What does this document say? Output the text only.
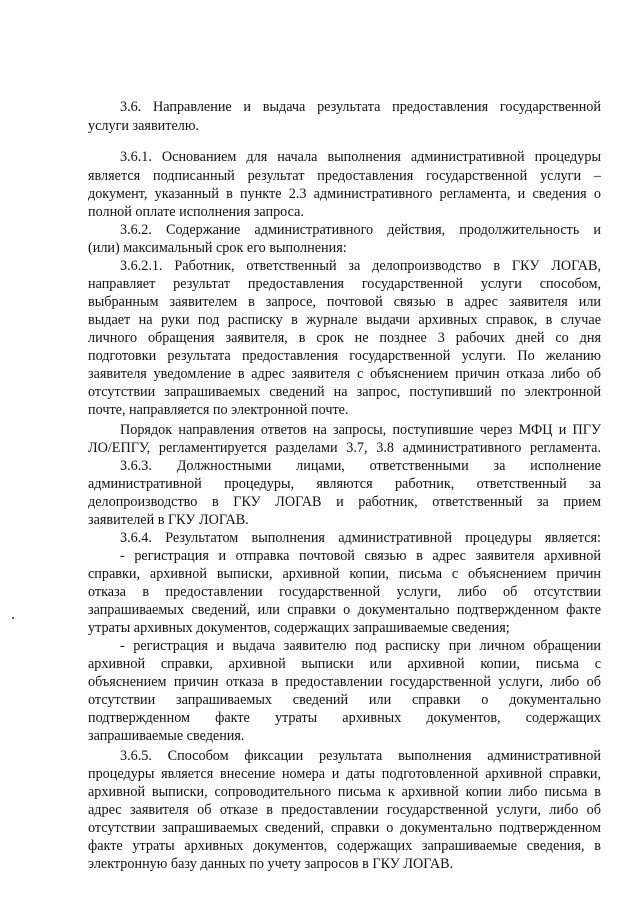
3.6. Направление и выдача результата предоставления государственной
услуги заявителю.
3.6.1. Основанием для начала выполнения административной процедуры
является подписанный результат предоставления государственной услуги –
документ, указанный в пункте 2.3 административного регламента, и сведения о
полной оплате исполнения запроса.
3.6.2. Содержание административного действия, продолжительность и
(или) максимальный срок его выполнения:
3.6.2.1. Работник, ответственный за делопроизводство в ГКУ ЛОГАВ,
направляет результат предоставления государственной услуги способом,
выбранным заявителем в запросе, почтовой связью в адрес заявителя или
выдает на руки под расписку в журнале выдачи архивных справок, в случае
личного обращения заявителя, в срок не позднее 3 рабочих дней со дня
подготовки результата предоставления государственной услуги. По желанию
заявителя уведомление в адрес заявителя с объяснением причин отказа либо об
отсутствии запрашиваемых сведений на запрос, поступивший по электронной
почте, направляется по электронной почте.
Порядок направления ответов на запросы, поступившие через МФЦ и ПГУ
ЛО/ЕПГУ, регламентируется разделами 3.7, 3.8 административного регламента.
3.6.3. Должностными лицами, ответственными за исполнение
административной процедуры, являются работник, ответственный за
делопроизводство в ГКУ ЛОГАВ и работник, ответственный за прием
заявителей в ГКУ ЛОГАВ.
3.6.4. Результатом выполнения административной процедуры является:
- регистрация и отправка почтовой связью в адрес заявителя архивной
справки, архивной выписки, архивной копии, письма с объяснением причин
отказа в предоставлении государственной услуги, либо об отсутствии
запрашиваемых сведений, или справки о документально подтвержденном факте
утраты архивных документов, содержащих запрашиваемые сведения;
- регистрация и выдача заявителю под расписку при личном обращении
архивной справки, архивной выписки или архивной копии, письма с
объяснением причин отказа в предоставлении государственной услуги, либо об
отсутствии запрашиваемых сведений или справки о документально
подтвержденном факте утраты архивных документов, содержащих
запрашиваемые сведения.
3.6.5. Способом фиксации результата выполнения административной
процедуры является внесение номера и даты подготовленной архивной справки,
архивной выписки, сопроводительного письма к архивной копии либо письма в
адрес заявителя об отказе в предоставлении государственной услуги, либо об
отсутствии запрашиваемых сведений, справки о документально подтвержденном
факте утраты архивных документов, содержащих запрашиваемые сведения, в
электронную базу данных по учету запросов в ГКУ ЛОГАВ.
